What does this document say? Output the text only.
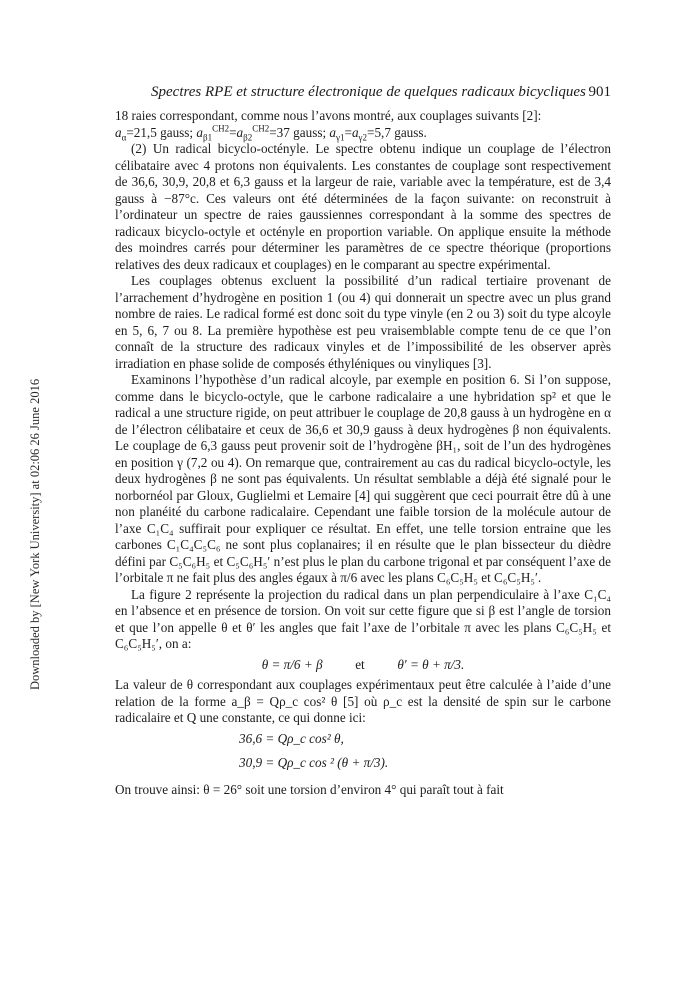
Spectres RPE et structure électronique de quelques radicaux bicycliques 901
Downloaded by [New York University] at 02:06 26 June 2016

18 raies correspondant, comme nous l’avons montré, aux couplages suivants [2]:

$a_\alpha=21,5$ gauss; $a_{\beta 1}^{CH2}=a_{\beta 2}^{CH2}=37$ gauss; $a_{\gamma 1}=a_{\gamma 2}=5,7$ gauss.

(2) Un radical bicyclo-octényle. Le spectre obtenu indique un couplage de l’électron célibataire avec 4 protons non équivalents. Les constantes de couplage sont respectivement de 36,6, 30,9, 20,8 et 6,3 gauss et la largeur de raie, variable avec la température, est de 3,4 gauss à −87°c. Ces valeurs ont été déterminées de la façon suivante: on reconstruit à l’ordinateur un spectre de raies gaussiennes correspondant à la somme des spectres de radicaux bicyclo-octyle et octényle en proportion variable. On applique ensuite la méthode des moindres carrés pour déterminer les paramètres de ce spectre théorique (proportions relatives des deux radicaux et couplages) en le comparant au spectre expérimental.

Les couplages obtenus excluent la possibilité d’un radical tertiaire provenant de l’arrachement d’hydrogène en position 1 (ou 4) qui donnerait un spectre avec un plus grand nombre de raies. Le radical formé est donc soit du type vinyle (en 2 ou 3) soit du type alcoyle en 5, 6, 7 ou 8. La première hypothèse est peu vraisemblable compte tenu de ce que l’on connaît de la structure des radicaux vinyles et de l’impossibilité de les observer après irradiation en phase solide de composés éthyléniques ou vinyliques [3].

Examinons l’hypothèse d’un radical alcoyle, par exemple en position 6. Si l’on suppose, comme dans le bicyclo-octyle, que le carbone radicalaire a une hybridation sp² et que le radical a une structure rigide, on peut attribuer le couplage de 20,8 gauss à un hydrogène en α de l’électron célibataire et ceux de 36,6 et 30,9 gauss à deux hydrogènes β non équivalents. Le couplage de 6,3 gauss peut provenir soit de l’hydrogène βH₁, soit de l’un des hydrogènes en position γ (7,2 ou 4). On remarque que, contrairement au cas du radical bicyclo-octyle, les deux hydrogènes β ne sont pas équivalents. Un résultat semblable a déjà été signalé pour le norbornéol par Gloux, Guglielmi et Lemaire [4] qui suggèrent que ceci pourrait être dû à une non planéité du carbone radicalaire. Cependant une faible torsion de la molécule autour de l’axe C₁C₄ suffirait pour expliquer ce résultat. En effet, une telle torsion entraine que les carbones C₁C₄C₅C₆ ne sont plus coplanaires; il en résulte que le plan bissecteur du dièdre défini par C₅C₆H₅ et C₅C₆H₅′ n’est plus le plan du carbone trigonal et par conséquent l’axe de l’orbitale π ne fait plus des angles égaux à π/6 avec les plans C₆C₅H₅ et C₆C₅H₅′.

La figure 2 représente la projection du radical dans un plan perpendiculaire à l’axe C₁C₄ en l’absence et en présence de torsion. On voit sur cette figure que si β est l’angle de torsion et que l’on appelle θ et θ′ les angles que fait l’axe de l’orbitale π avec les plans C₆C₅H₅ et C₆C₅H₅′, on a:

θ = π/6 + β et θ′ = θ + π/3.

La valeur de θ correspondant aux couplages expérimentaux peut être calculée à l’aide d’une relation de la forme a_β = Qρ_c cos² θ [5] où ρ_c est la densité de spin sur le carbone radicalaire et Q une constante, ce qui donne ici:

36,6 = Qρ_c cos² θ,
30,9 = Qρ_c cos ² (θ + π/3).

On trouve ainsi: θ = 26° soit une torsion d’environ 4° qui paraît tout à fait
